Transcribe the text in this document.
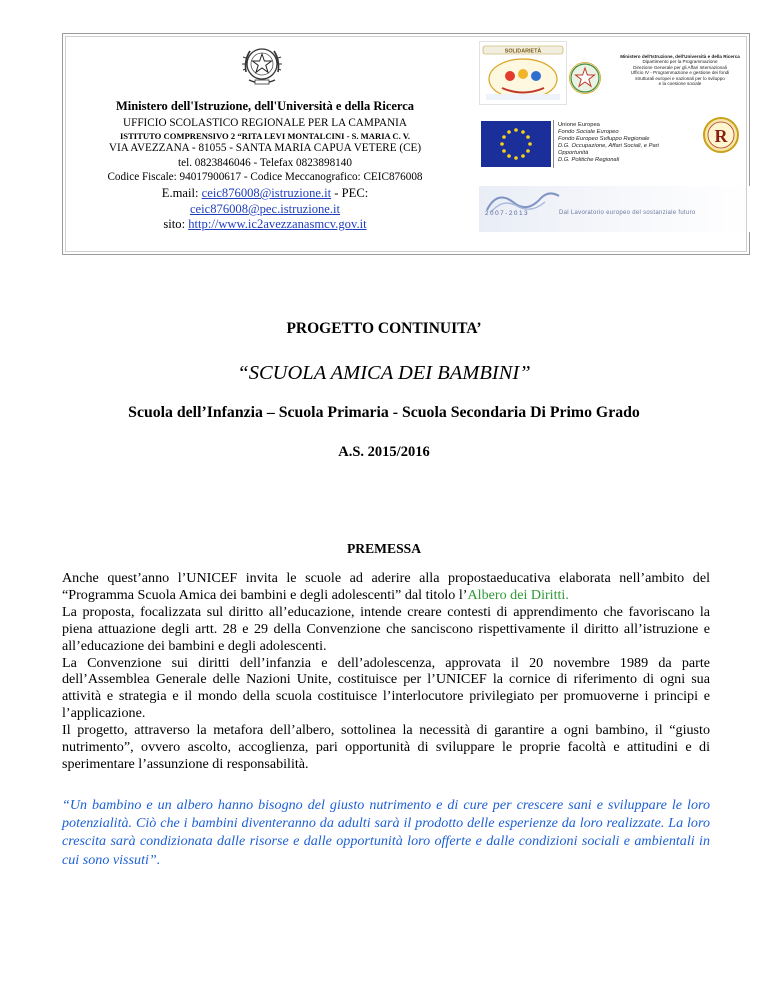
Ministero dell'Istruzione, dell'Università e della Ricerca
UFFICIO SCOLASTICO REGIONALE PER LA CAMPANIA
ISTITUTO COMPRENSIVO 2 “RITA LEVI MONTALCINI - S. MARIA C. V.
VIA AVEZZANA - 81055 - SANTA MARIA CAPUA VETERE (CE)
tel. 0823846046 - Telefax 0823898140
Codice Fiscale: 94017900617 - Codice Meccanografico: CEIC876008
E.mail: ceic876008@istruzione.it - PEC:
ceic876008@pec.istruzione.it
sito: http://www.ic2avezzanasmcv.gov.it
SOLIDARIETÀ
Ministero dell'Istruzione, dell'Università e della Ricerca
Dipartimento per la Programmazione
Direzione Generale per gli Affari Internazionali
Ufficio IV - Programmazione e gestione dei fondi
strutturali europei e nazionali per lo sviluppo
e la coesione sociale
Unione Europea
Fondo Sociale Europeo
Fondo Europeo Sviluppo Regionale
D.G. Occupazione, Affari Sociali, e Pari Opportunità
D.G. Politiche Regionali
R
2007-2013	Dal Lavoratorio europeo del sostanziale futuro
PROGETTO CONTINUITA’
“SCUOLA AMICA DEI BAMBINI”
Scuola dell’Infanzia – Scuola Primaria - Scuola Secondaria Di Primo Grado
A.S. 2015/2016
PREMESSA

Anche quest’anno l’UNICEF invita le scuole ad aderire alla propostaeducativa elaborata nell’ambito del “Programma Scuola Amica dei bambini e degli adolescenti” dal titolo l’Albero dei Diritti.

La proposta, focalizzata sul diritto all’educazione, intende creare contesti di apprendimento che favoriscano la piena attuazione degli artt. 28 e 29 della Convenzione che sanciscono rispettivamente il diritto all’istruzione e all’educazione dei bambini e degli adolescenti.

La Convenzione sui diritti dell’infanzia e dell’adolescenza, approvata il 20 novembre 1989 da parte dell’Assemblea Generale delle Nazioni Unite, costituisce per l’UNICEF la cornice di riferimento di ogni sua attività e strategia e il mondo della scuola costituisce l’interlocutore privilegiato per promuoverne i principi e l’applicazione.

Il progetto, attraverso la metafora dell’albero, sottolinea la necessità di garantire a ogni bambino, il “giusto nutrimento”, ovvero ascolto, accoglienza, pari opportunità di sviluppare le proprie facoltà e attitudini e di sperimentare l’assunzione di responsabilità.

“Un bambino e un albero hanno bisogno del giusto nutrimento e di cure per crescere sani e sviluppare le loro potenzialità. Ciò che i bambini diventeranno da adulti sarà il prodotto delle esperienze da loro realizzate. La loro crescita sarà condizionata dalle risorse e dalle opportunità loro offerte e dalle condizioni sociali e ambientali in cui sono vissuti”.
